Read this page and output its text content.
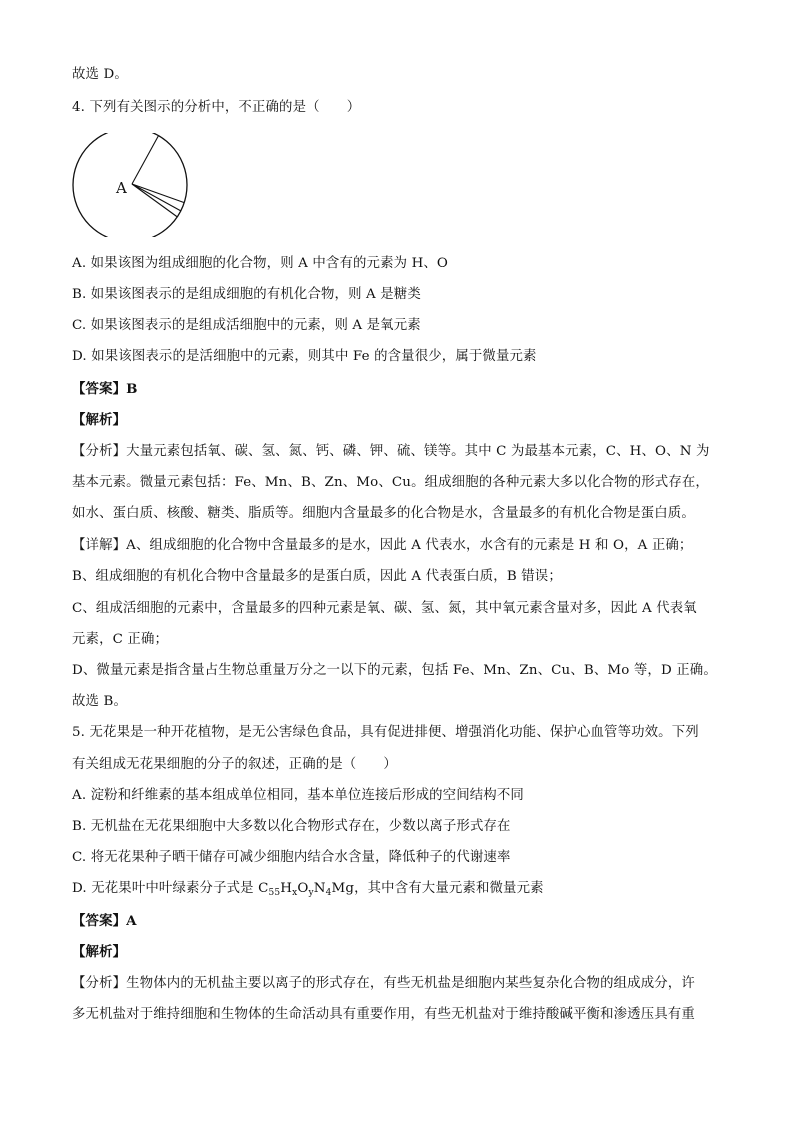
故选 D。
4. 下列有关图示的分析中，不正确的是（　　）
A
A. 如果该图为组成细胞的化合物，则 A 中含有的元素为 H、O
B. 如果该图表示的是组成细胞的有机化合物，则 A 是糖类
C. 如果该图表示的是组成活细胞中的元素，则 A 是氧元素
D. 如果该图表示的是活细胞中的元素，则其中 Fe 的含量很少，属于微量元素
【答案】B
【解析】
【分析】大量元素包括氧、碳、氢、氮、钙、磷、钾、硫、镁等。其中 C 为最基本元素，C、H、O、N 为
基本元素。微量元素包括：Fe、Mn、B、Zn、Mo、Cu。组成细胞的各种元素大多以化合物的形式存在，
如水、蛋白质、核酸、糖类、脂质等。细胞内含量最多的化合物是水，含量最多的有机化合物是蛋白质。
【详解】A、组成细胞的化合物中含量最多的是水，因此 A 代表水，水含有的元素是 H 和 O，A 正确；
B、组成细胞的有机化合物中含量最多的是蛋白质，因此 A 代表蛋白质，B 错误；
C、组成活细胞的元素中，含量最多的四种元素是氧、碳、氢、氮，其中氧元素含量对多，因此 A 代表氧
元素，C 正确；
D、微量元素是指含量占生物总重量万分之一以下的元素，包括 Fe、Mn、Zn、Cu、B、Mo 等，D 正确。
故选 B。
5. 无花果是一种开花植物，是无公害绿色食品，具有促进排便、增强消化功能、保护心血管等功效。下列
有关组成无花果细胞的分子的叙述，正确的是（　　）
A. 淀粉和纤维素的基本组成单位相同，基本单位连接后形成的空间结构不同
B. 无机盐在无花果细胞中大多数以化合物形式存在，少数以离子形式存在
C. 将无花果种子晒干储存可减少细胞内结合水含量，降低种子的代谢速率
D. 无花果叶中叶绿素分子式是 $C_{55}H_xO_yN_4Mg$，其中含有大量元素和微量元素
【答案】A
【解析】
【分析】生物体内的无机盐主要以离子的形式存在，有些无机盐是细胞内某些复杂化合物的组成成分，许
多无机盐对于维持细胞和生物体的生命活动具有重要作用，有些无机盐对于维持酸碱平衡和渗透压具有重
